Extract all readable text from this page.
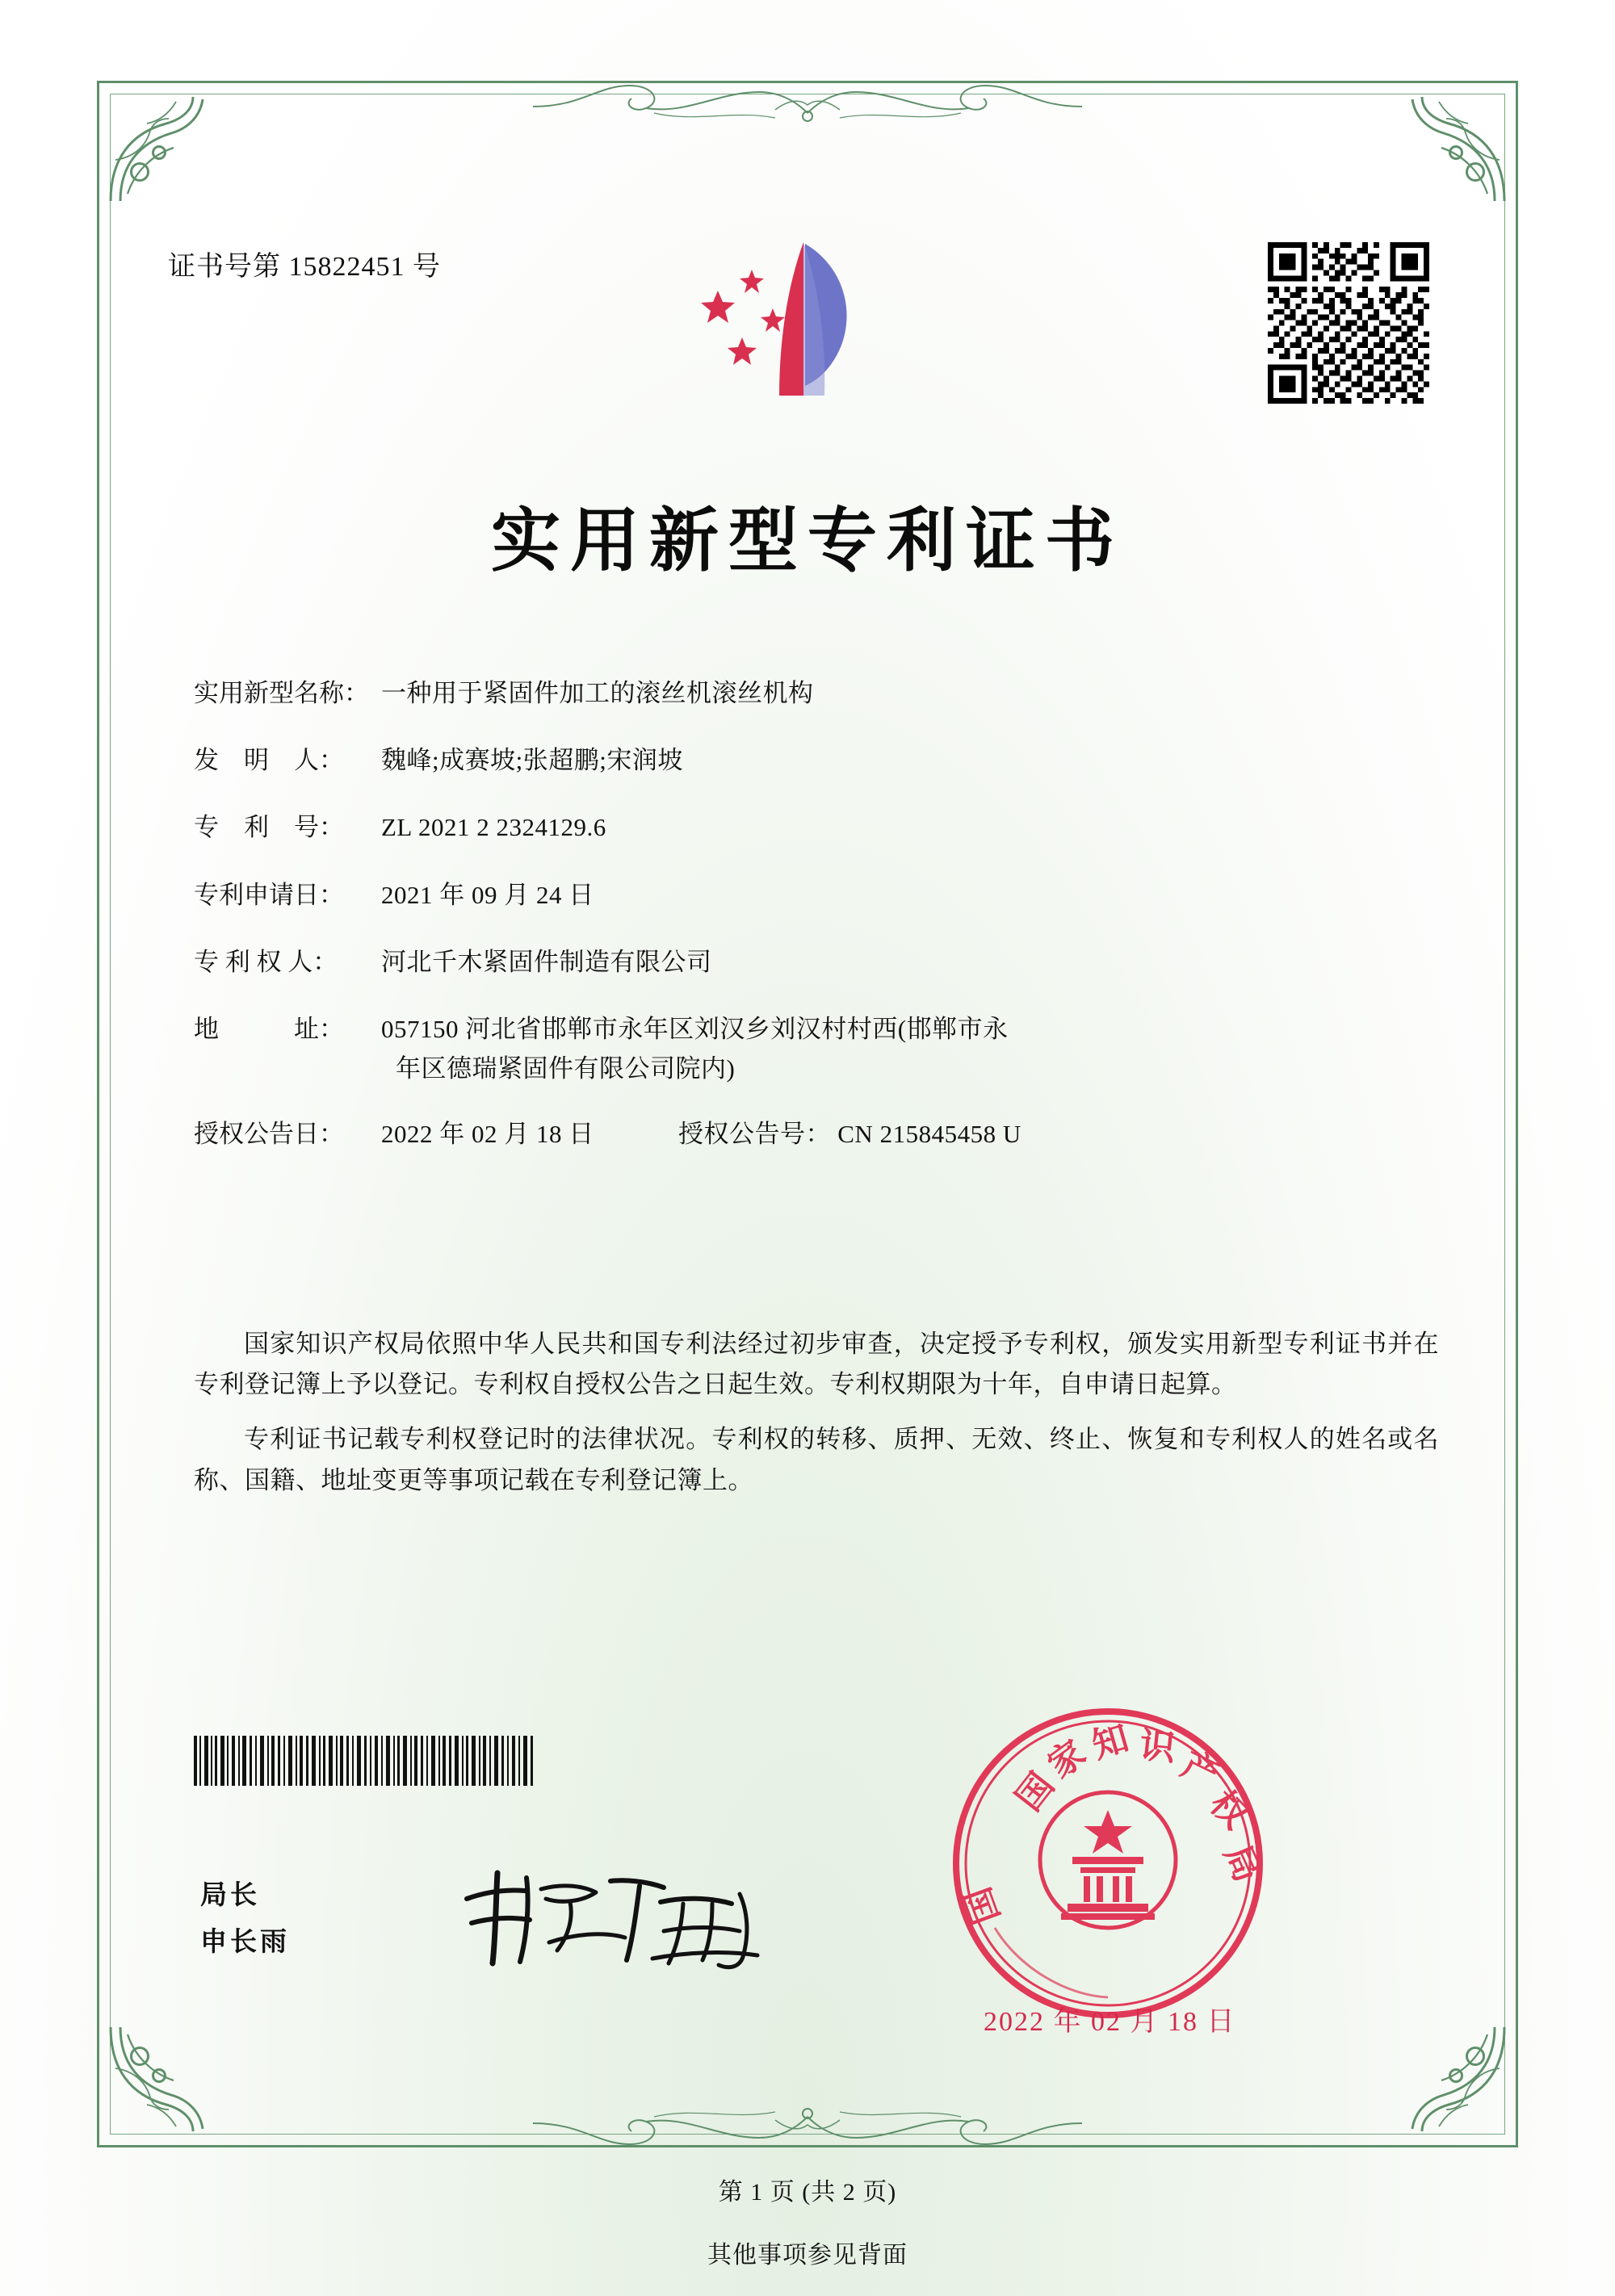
证书号第 15822451 号
实用新型专利证书
实用新型名称： 一种用于紧固件加工的滚丝机滚丝机构
发　明　人：	魏峰;成赛坡;张超鹏;宋润坡
专　利　号：	ZL 2021 2 2324129.6
专利申请日：	2021 年 09 月 24 日
专 利 权 人：	河北千木紧固件制造有限公司
地　　　址：	057150 河北省邯郸市永年区刘汉乡刘汉村村西(邯郸市永
年区德瑞紧固件有限公司院内)
授权公告日：	2022 年 02 月 18 日	授权公告号： CN 215845458 U

国家知识产权局依照中华人民共和国专利法经过初步审查，决定授予专利权，颁发实用新型专利证书并在专利登记簿上予以登记。专利权自授权公告之日起生效。专利权期限为十年，自申请日起算。

专利证书记载专利权登记时的法律状况。专利权的转移、质押、无效、终止、恢复和专利权人的姓名或名称、国籍、地址变更等事项记载在专利登记簿上。

局长
申长雨
国
家
知 识
产
权
局
国
2022 年 02 月 18 日
第 1 页 (共 2 页)
其他事项参见背面
